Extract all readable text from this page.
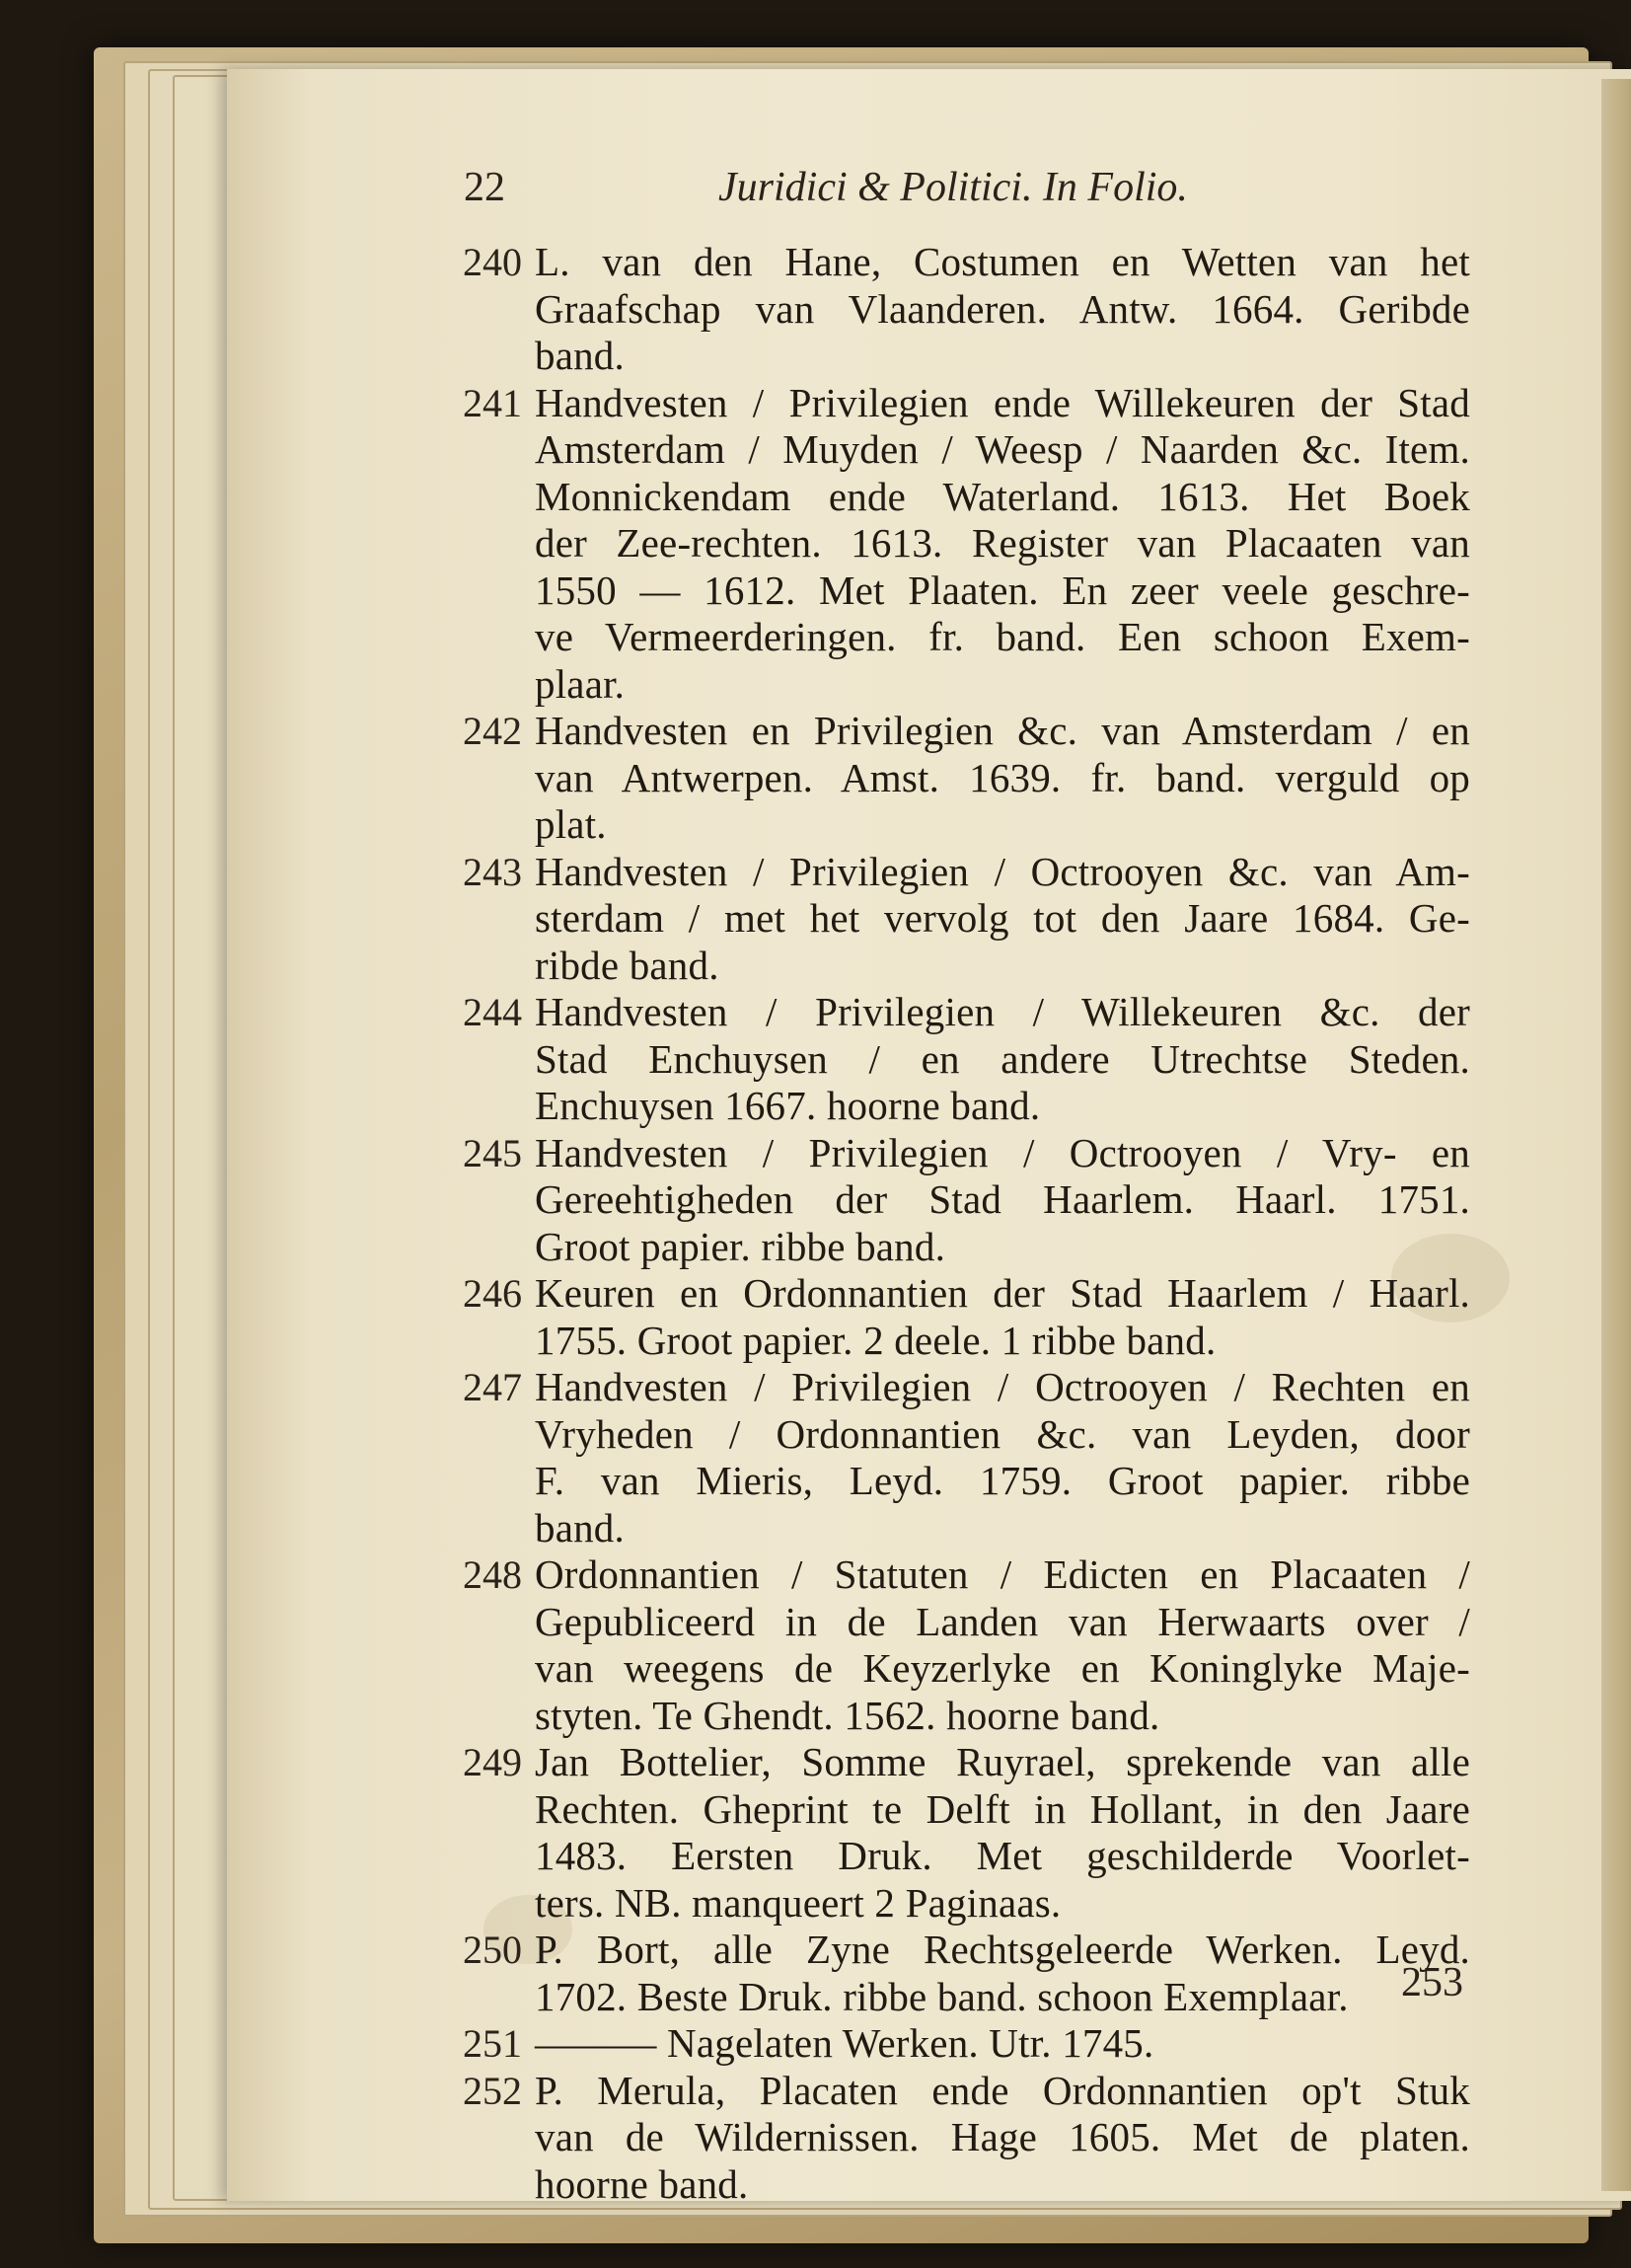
22	Juridici & Politici. In Folio.
240 L. van den Hane, Costumen en Wetten van het
Graafschap van Vlaanderen. Antw. 1664. Geribde
band.
241 Handvesten / Privilegien ende Willekeuren der Stad
Amsterdam / Muyden / Weesp / Naarden &c. Item.
Monnickendam ende Waterland. 1613. Het Boek
der Zee-rechten. 1613. Register van Placaaten van
1550 — 1612. Met Plaaten. En zeer veele geschre-
ve Vermeerderingen. fr. band. Een schoon Exem-
plaar.
242 Handvesten en Privilegien &c. van Amsterdam / en
van Antwerpen. Amst. 1639. fr. band. verguld op
plat.
243 Handvesten / Privilegien / Octrooyen &c. van Am-
sterdam / met het vervolg tot den Jaare 1684. Ge-
ribde band.
244 Handvesten / Privilegien / Willekeuren &c. der
Stad Enchuysen / en andere Utrechtse Steden.
Enchuysen 1667. hoorne band.
245 Handvesten / Privilegien / Octrooyen / Vry- en
Gereehtigheden der Stad Haarlem. Haarl. 1751.
Groot papier. ribbe band.
246 Keuren en Ordonnantien der Stad Haarlem / Haarl.
1755. Groot papier. 2 deele. 1 ribbe band.
247 Handvesten / Privilegien / Octrooyen / Rechten en
Vryheden / Ordonnantien &c. van Leyden, door
F. van Mieris, Leyd. 1759. Groot papier. ribbe
band.
248 Ordonnantien / Statuten / Edicten en Placaaten /
Gepubliceerd in de Landen van Herwaarts over /
van weegens de Keyzerlyke en Koninglyke Maje-
styten. Te Ghendt. 1562. hoorne band.
249 Jan Bottelier, Somme Ruyrael, sprekende van alle
Rechten. Gheprint te Delft in Hollant, in den Jaare
1483. Eersten Druk. Met geschilderde Voorlet-
ters. NB. manqueert 2 Paginaas.
250 P. Bort, alle Zyne Rechtsgeleerde Werken. Leyd.
1702. Beste Druk. ribbe band. schoon Exemplaar.
251 ——— Nagelaten Werken. Utr. 1745.
252 P. Merula, Placaten ende Ordonnantien op't Stuk
van de Wildernissen. Hage 1605. Met de platen.
hoorne band.
253
